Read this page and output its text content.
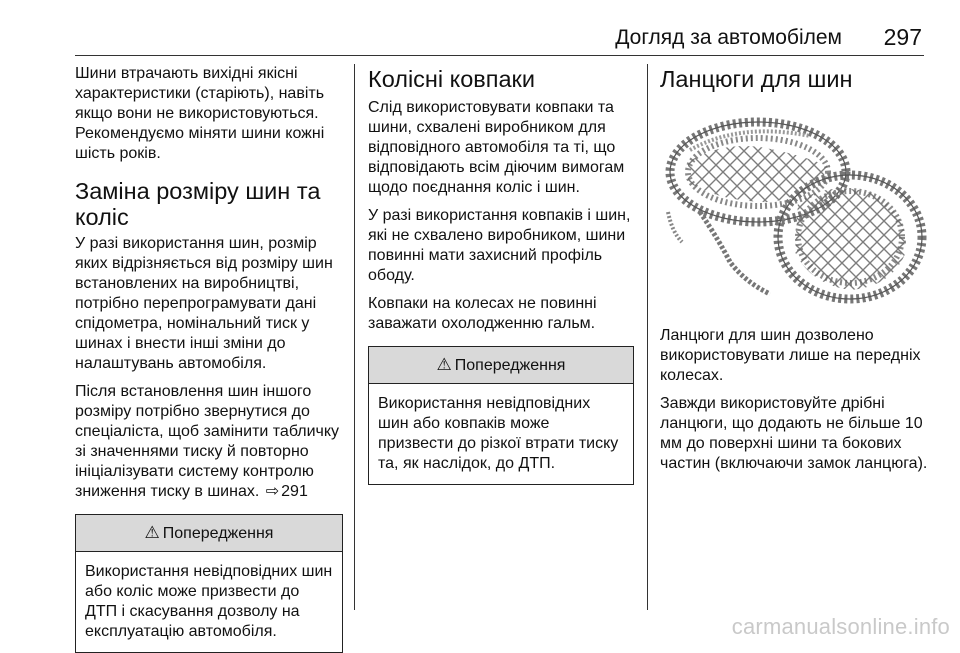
Догляд за автомобілем 297

Шини втрачають вихідні якісні характеристики (старіють), навіть якщо вони не використовуються. Рекомендуємо міняти шини кожні шість років.

Заміна розміру шин та коліс

У разі використання шин, розмір яких відрізняється від розміру шин встановлених на виробництві, потрібно перепрограмувати дані спідометра, номінальний тиск у шинах і внести інші зміни до налаштувань автомобіля.

Після встановлення шин іншого розміру потрібно звернутися до спеціаліста, щоб замінити табличку зі значеннями тиску й повторно ініціалізувати систему контролю зниження тиску в шинах. ⇨ 291

⚠ Попередження

Використання невідповідних шин або коліс може призвести до ДТП і скасування дозволу на експлуатацію автомобіля.

Колісні ковпаки

Слід використовувати ковпаки та шини, схвалені виробником для відповідного автомобіля та ті, що відповідають всім діючим вимогам щодо поєднання коліс і шин.

У разі використання ковпаків і шин, які не схвалено виробником, шини повинні мати захисний профіль ободу.

Ковпаки на колесах не повинні заважати охолодженню гальм.

⚠ Попередження

Використання невідповідних шин або ковпаків може призвести до різкої втрати тиску та, як наслідок, до ДТП.

Ланцюги для шин

Ланцюги для шин дозволено використовувати лише на передніх колесах.

Завжди використовуйте дрібні ланцюги, що додають не більше 10 мм до поверхні шини та бокових частин (включаючи замок ланцюга).

carmanualsonline.info
